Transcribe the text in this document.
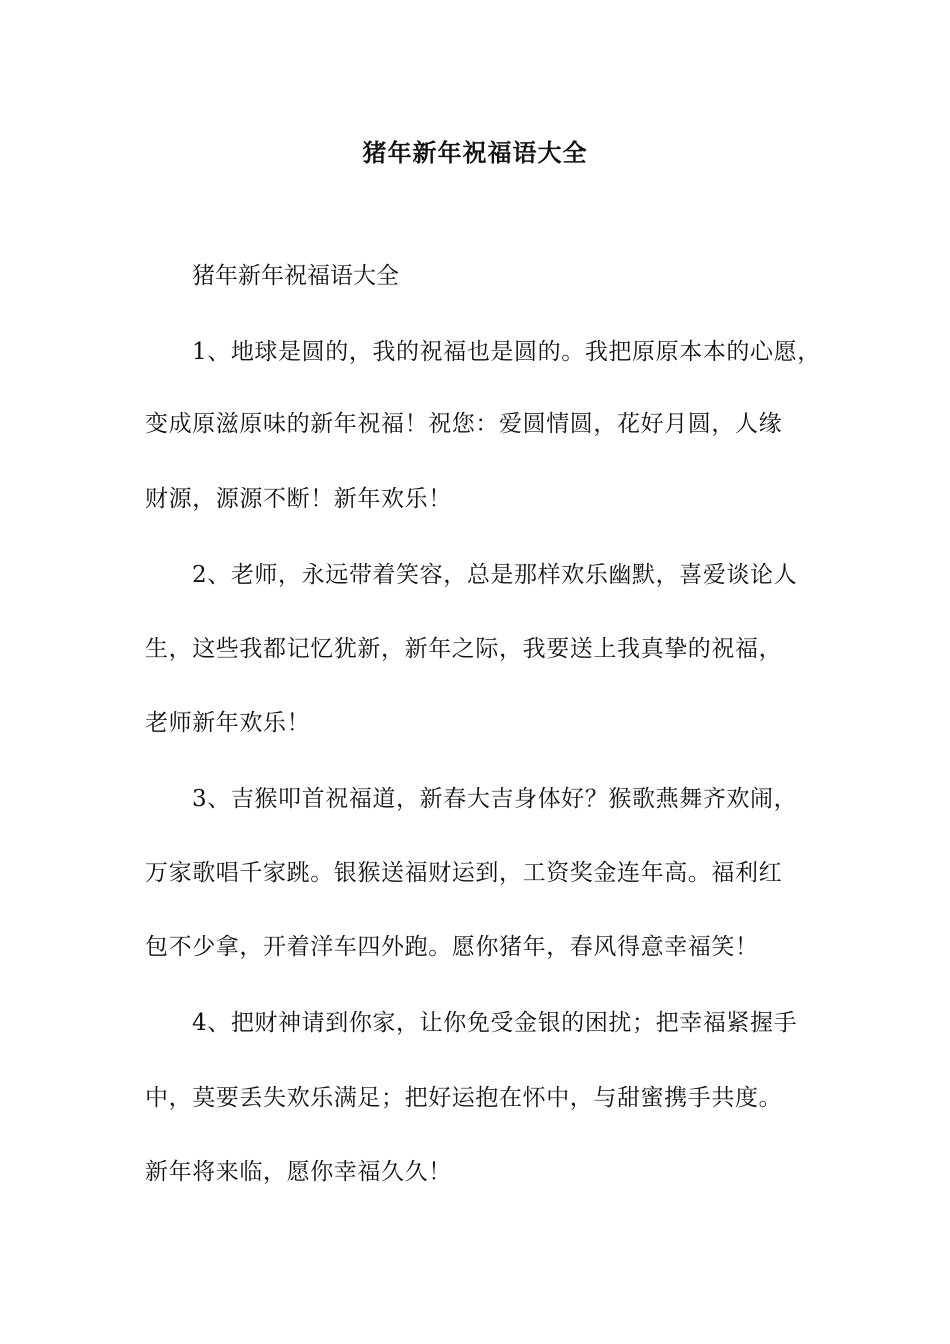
猪年新年祝福语大全
猪年新年祝福语大全
1、地球是圆的，我的祝福也是圆的。我把原原本本的心愿，
变成原滋原味的新年祝福！祝您：爱圆情圆，花好月圆，人缘
财源，源源不断！新年欢乐！
2、老师，永远带着笑容，总是那样欢乐幽默，喜爱谈论人
生，这些我都记忆犹新，新年之际，我要送上我真挚的祝福，
老师新年欢乐！
3、吉猴叩首祝福道，新春大吉身体好？猴歌燕舞齐欢闹，
万家歌唱千家跳。银猴送福财运到，工资奖金连年高。福利红
包不少拿，开着洋车四外跑。愿你猪年，春风得意幸福笑！
4、把财神请到你家，让你免受金银的困扰；把幸福紧握手
中，莫要丢失欢乐满足；把好运抱在怀中，与甜蜜携手共度。
新年将来临，愿你幸福久久！
